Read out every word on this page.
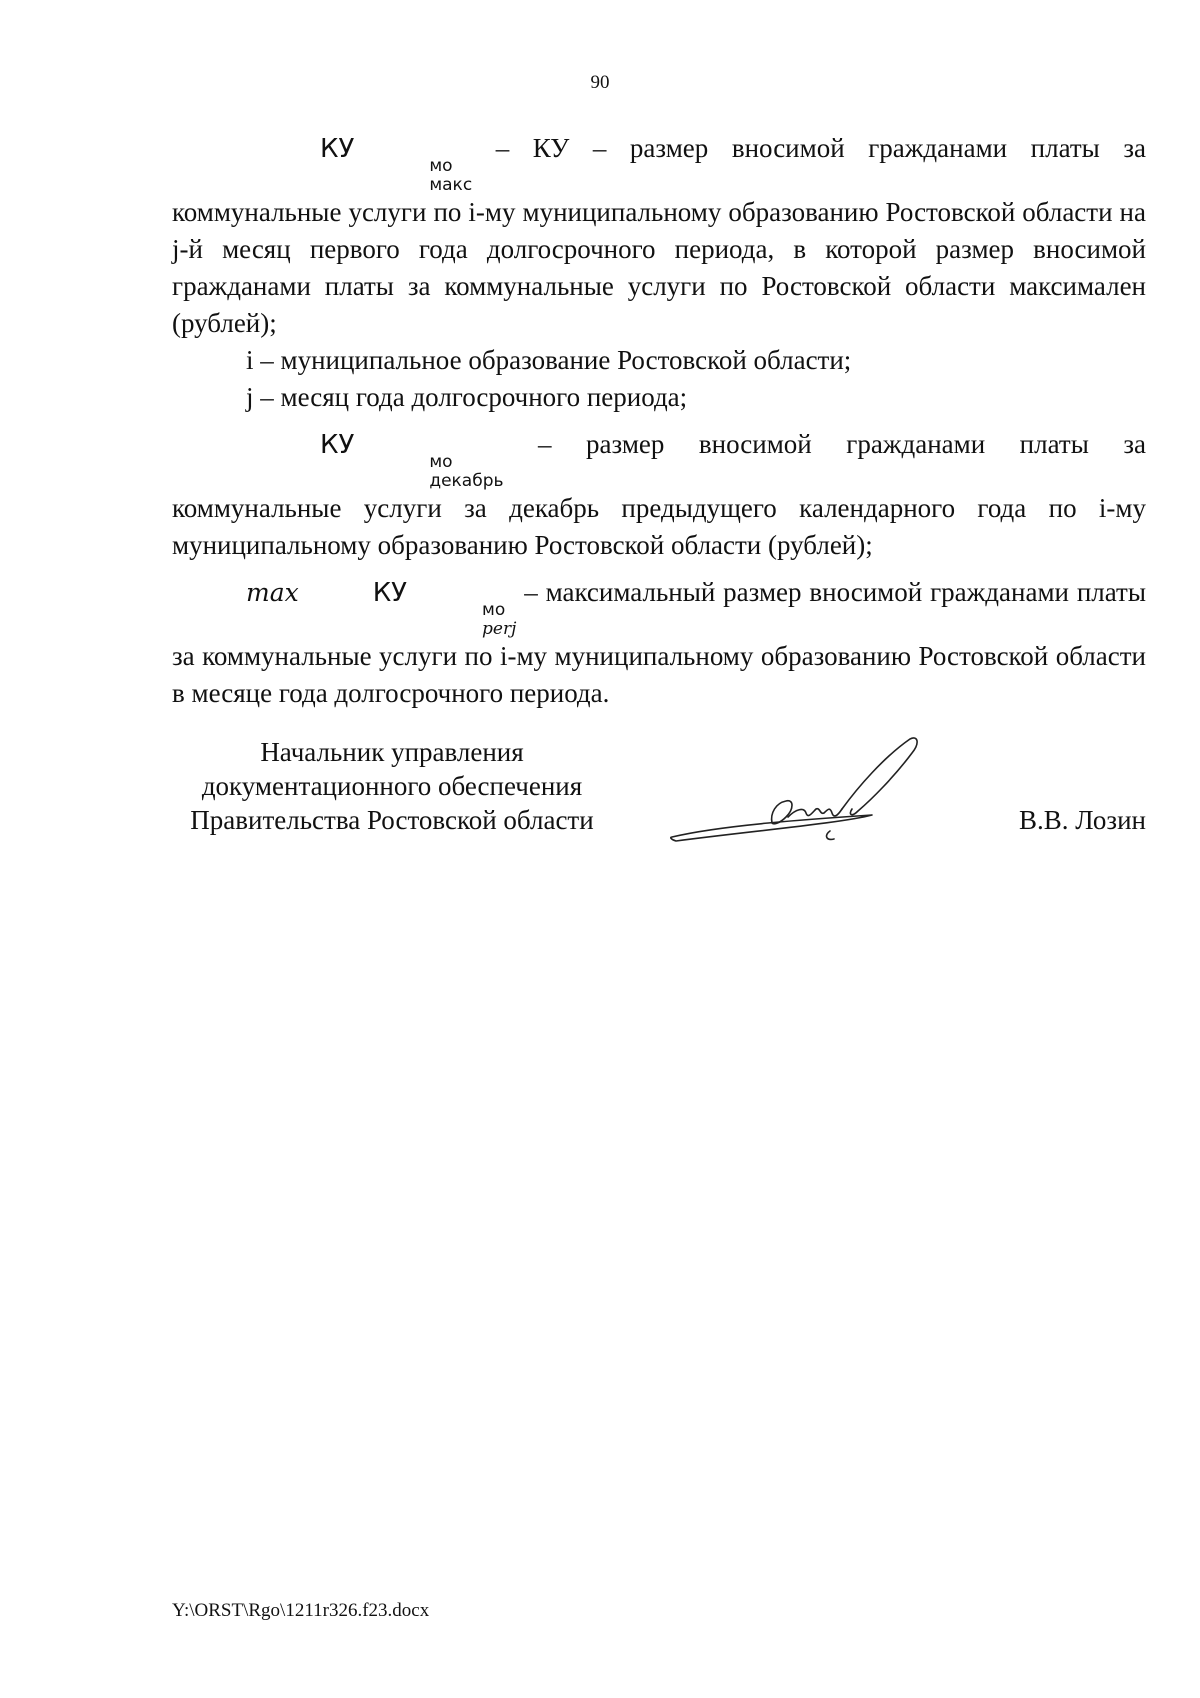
90

КУ
мо
макс
– КУ – размер вносимой гражданами платы за коммунальные услуги по i-му муниципальному образованию Ростовской области на j-й месяц первого года долгосрочного периода, в которой размер вносимой гражданами платы за коммунальные услуги по Ростовской области максимален (рублей);

i – муниципальное образование Ростовской области;

j – месяц года долгосрочного периода;

КУ
мо
декабрь
– размер вносимой гражданами платы за коммунальные услуги за декабрь предыдущего календарного года по i-му муниципальному образованию Ростовской области (рублей);

max	КУ
мо
perj
– максимальный размер вносимой гражданами платы за коммунальные услуги по i-му муниципальному образованию Ростовской области в месяце года долгосрочного периода.

Начальник управления
документационного обеспечения
Правительства Ростовской области	В.В. Лозин
Y:\ORST\Rgo\1211r326.f23.docx
